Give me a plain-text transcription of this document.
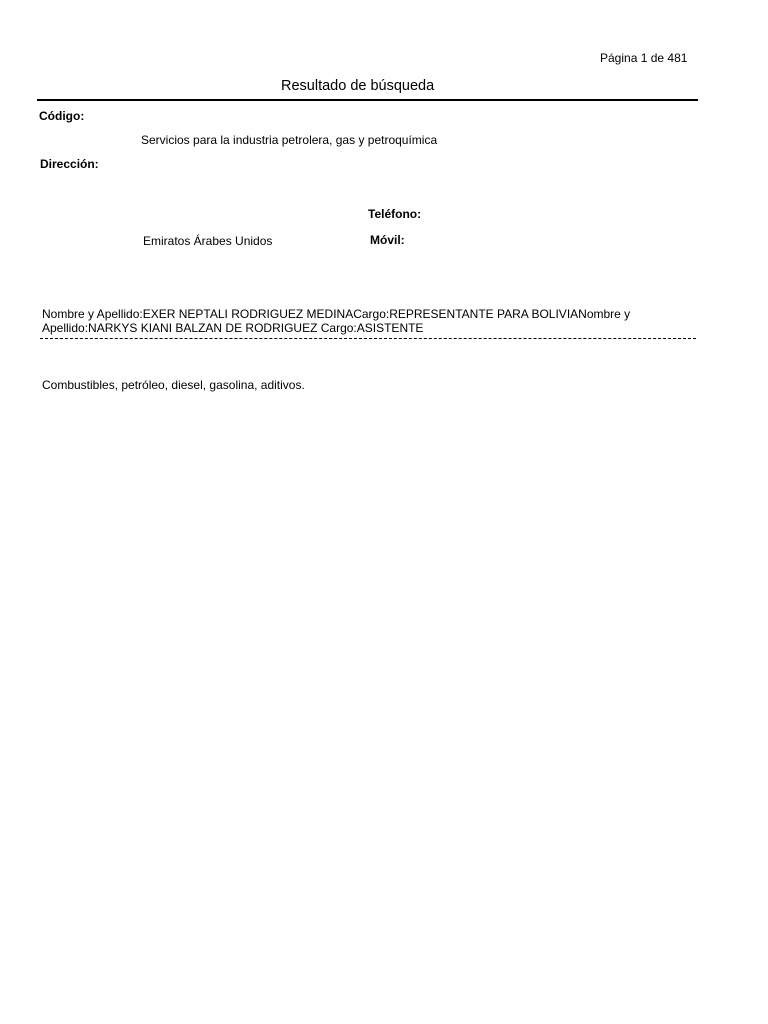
Página 1 de 481
Resultado de búsqueda
Código:
Servicios para la industria petrolera, gas y petroquímica
Dirección:
Teléfono:
Emiratos Árabes Unidos	Móvil:
Nombre y Apellido:EXER NEPTALI RODRIGUEZ MEDINACargo:REPRESENTANTE PARA BOLIVIANombre y Apellido:NARKYS KIANI BALZAN DE RODRIGUEZ Cargo:ASISTENTE
Combustibles, petróleo, diesel, gasolina, aditivos.
